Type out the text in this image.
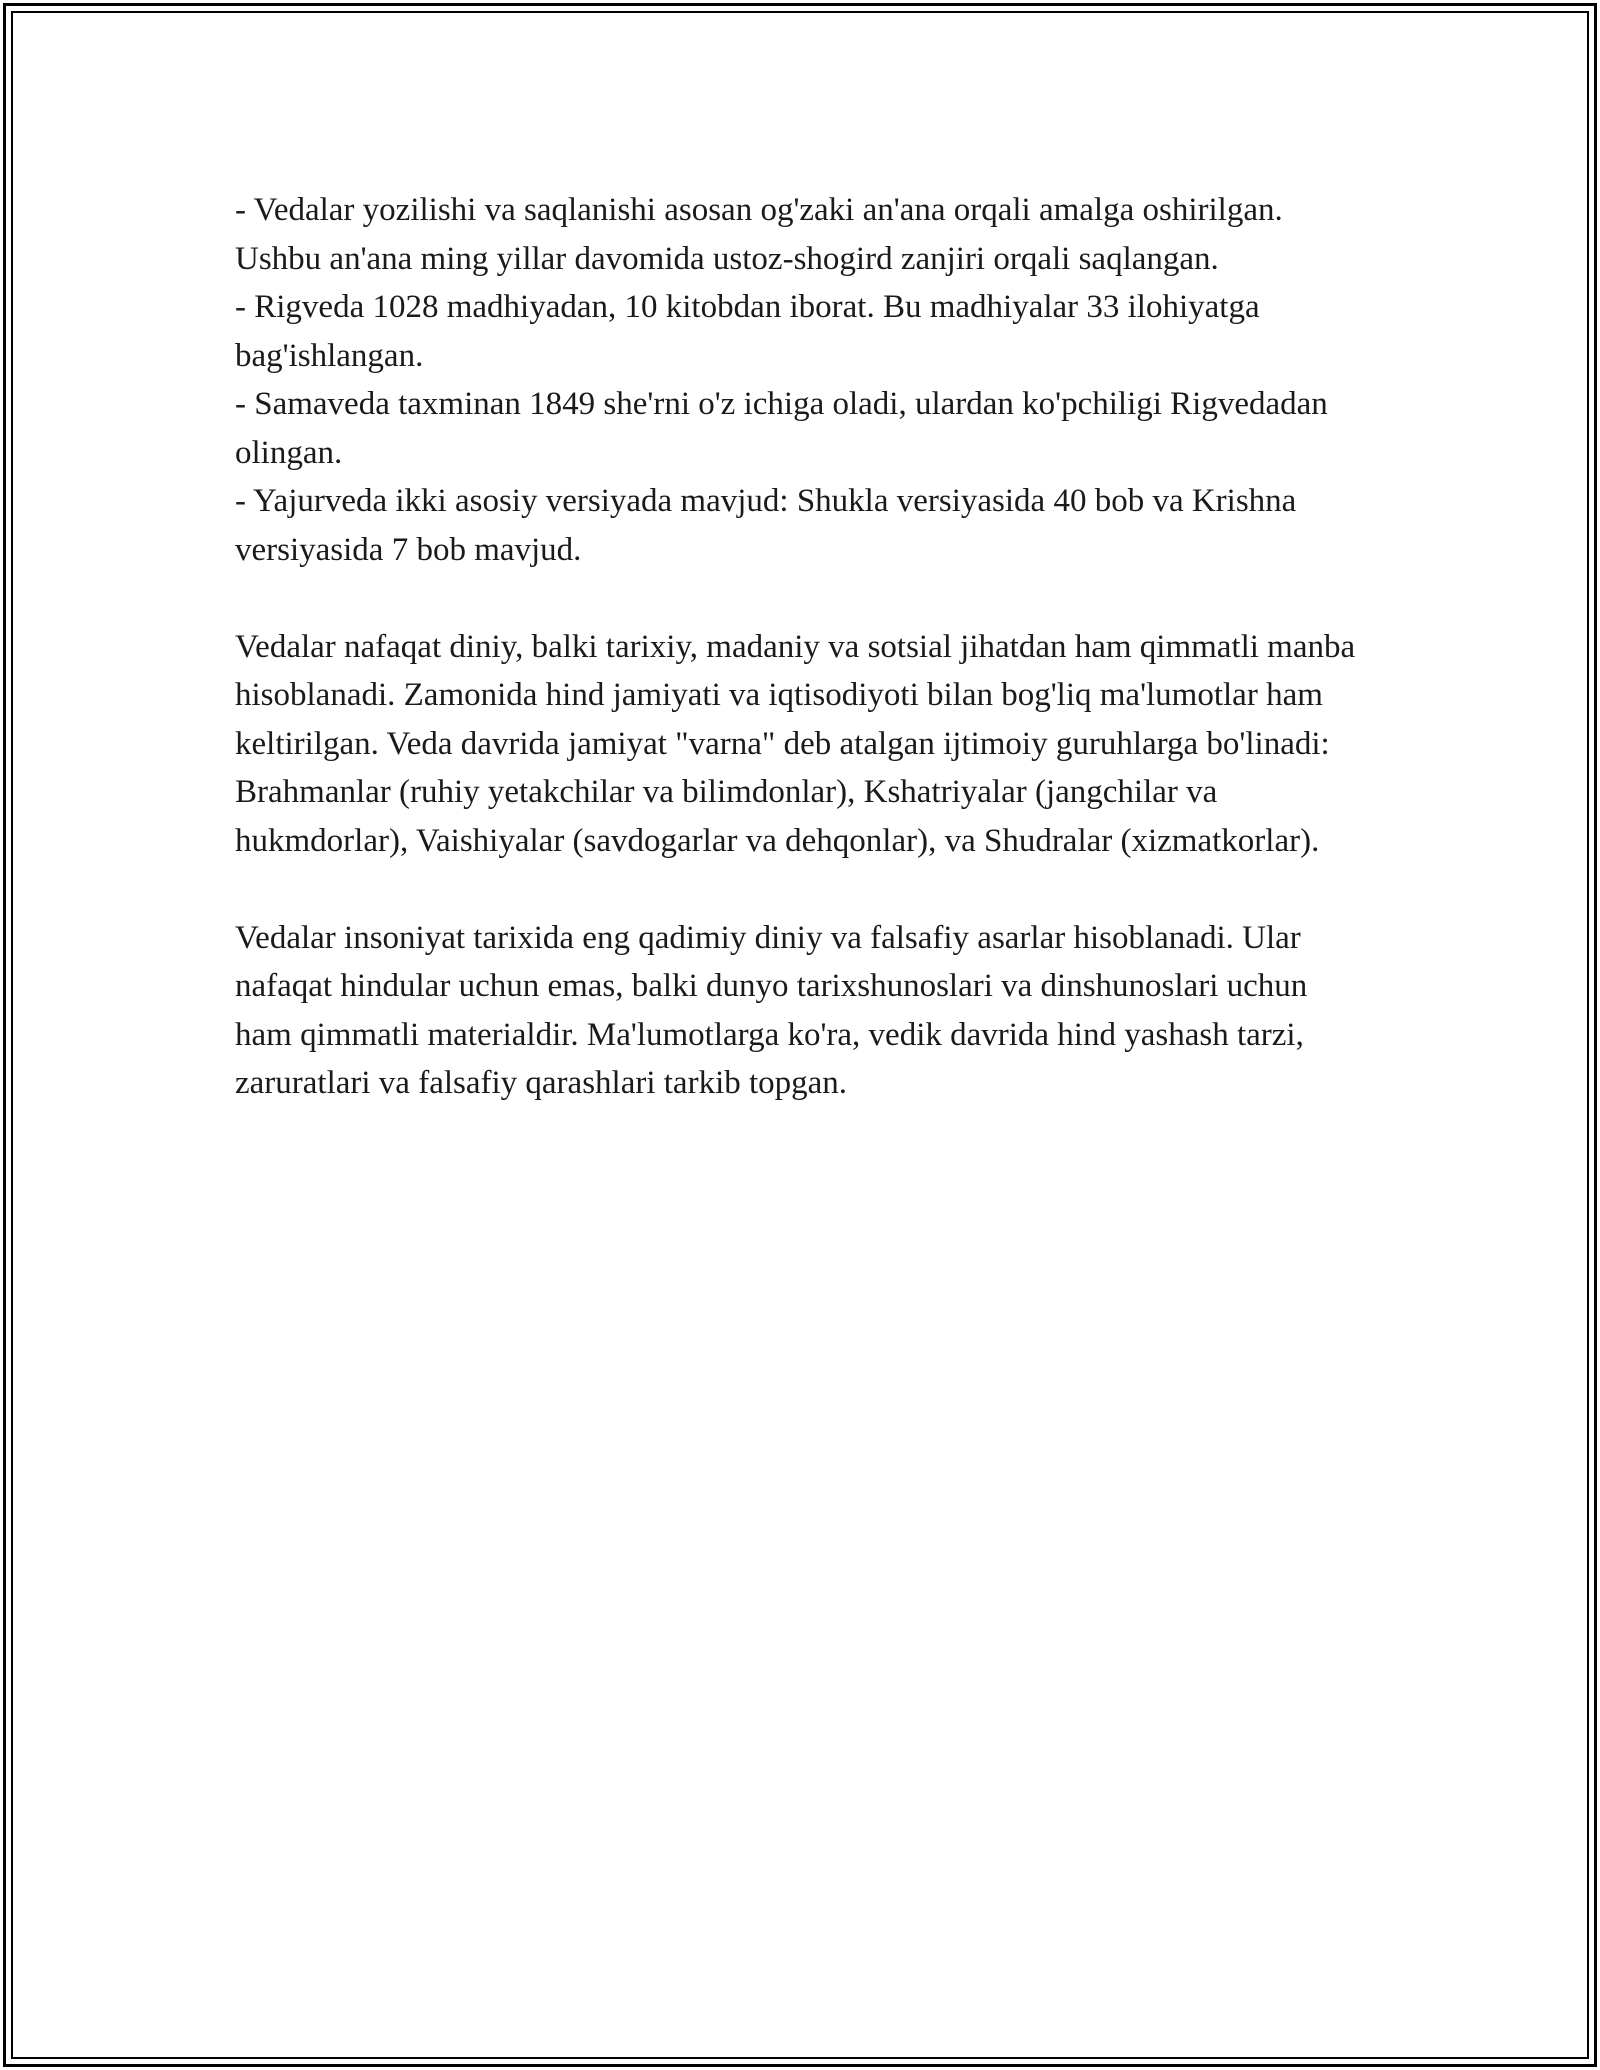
- Vedalar yozilishi va saqlanishi asosan og'zaki an'ana orqali amalga oshirilgan. Ushbu an'ana ming yillar davomida ustoz-shogird zanjiri orqali saqlangan.

- Rigveda 1028 madhiyadan, 10 kitobdan iborat. Bu madhiyalar 33 ilohiyatga bag'ishlangan.

- Samaveda taxminan 1849 she'rni o'z ichiga oladi, ulardan ko'pchiligi Rigvedadan olingan.

- Yajurveda ikki asosiy versiyada mavjud: Shukla versiyasida 40 bob va Krishna versiyasida 7 bob mavjud.

Vedalar nafaqat diniy, balki tarixiy, madaniy va sotsial jihatdan ham qimmatli manba hisoblanadi. Zamonida hind jamiyati va iqtisodiyoti bilan bog'liq ma'lumotlar ham keltirilgan. Veda davrida jamiyat "varna" deb atalgan ijtimoiy guruhlarga bo'linadi: Brahmanlar (ruhiy yetakchilar va bilimdonlar), Kshatriyalar (jangchilar va hukmdorlar), Vaishiyalar (savdogarlar va dehqonlar), va Shudralar (xizmatkorlar).

Vedalar insoniyat tarixida eng qadimiy diniy va falsafiy asarlar hisoblanadi. Ular nafaqat hindular uchun emas, balki dunyo tarixshunoslari va dinshunoslari uchun ham qimmatli materialdir. Ma'lumotlarga ko'ra, vedik davrida hind yashash tarzi, zaruratlari va falsafiy qarashlari tarkib topgan.
